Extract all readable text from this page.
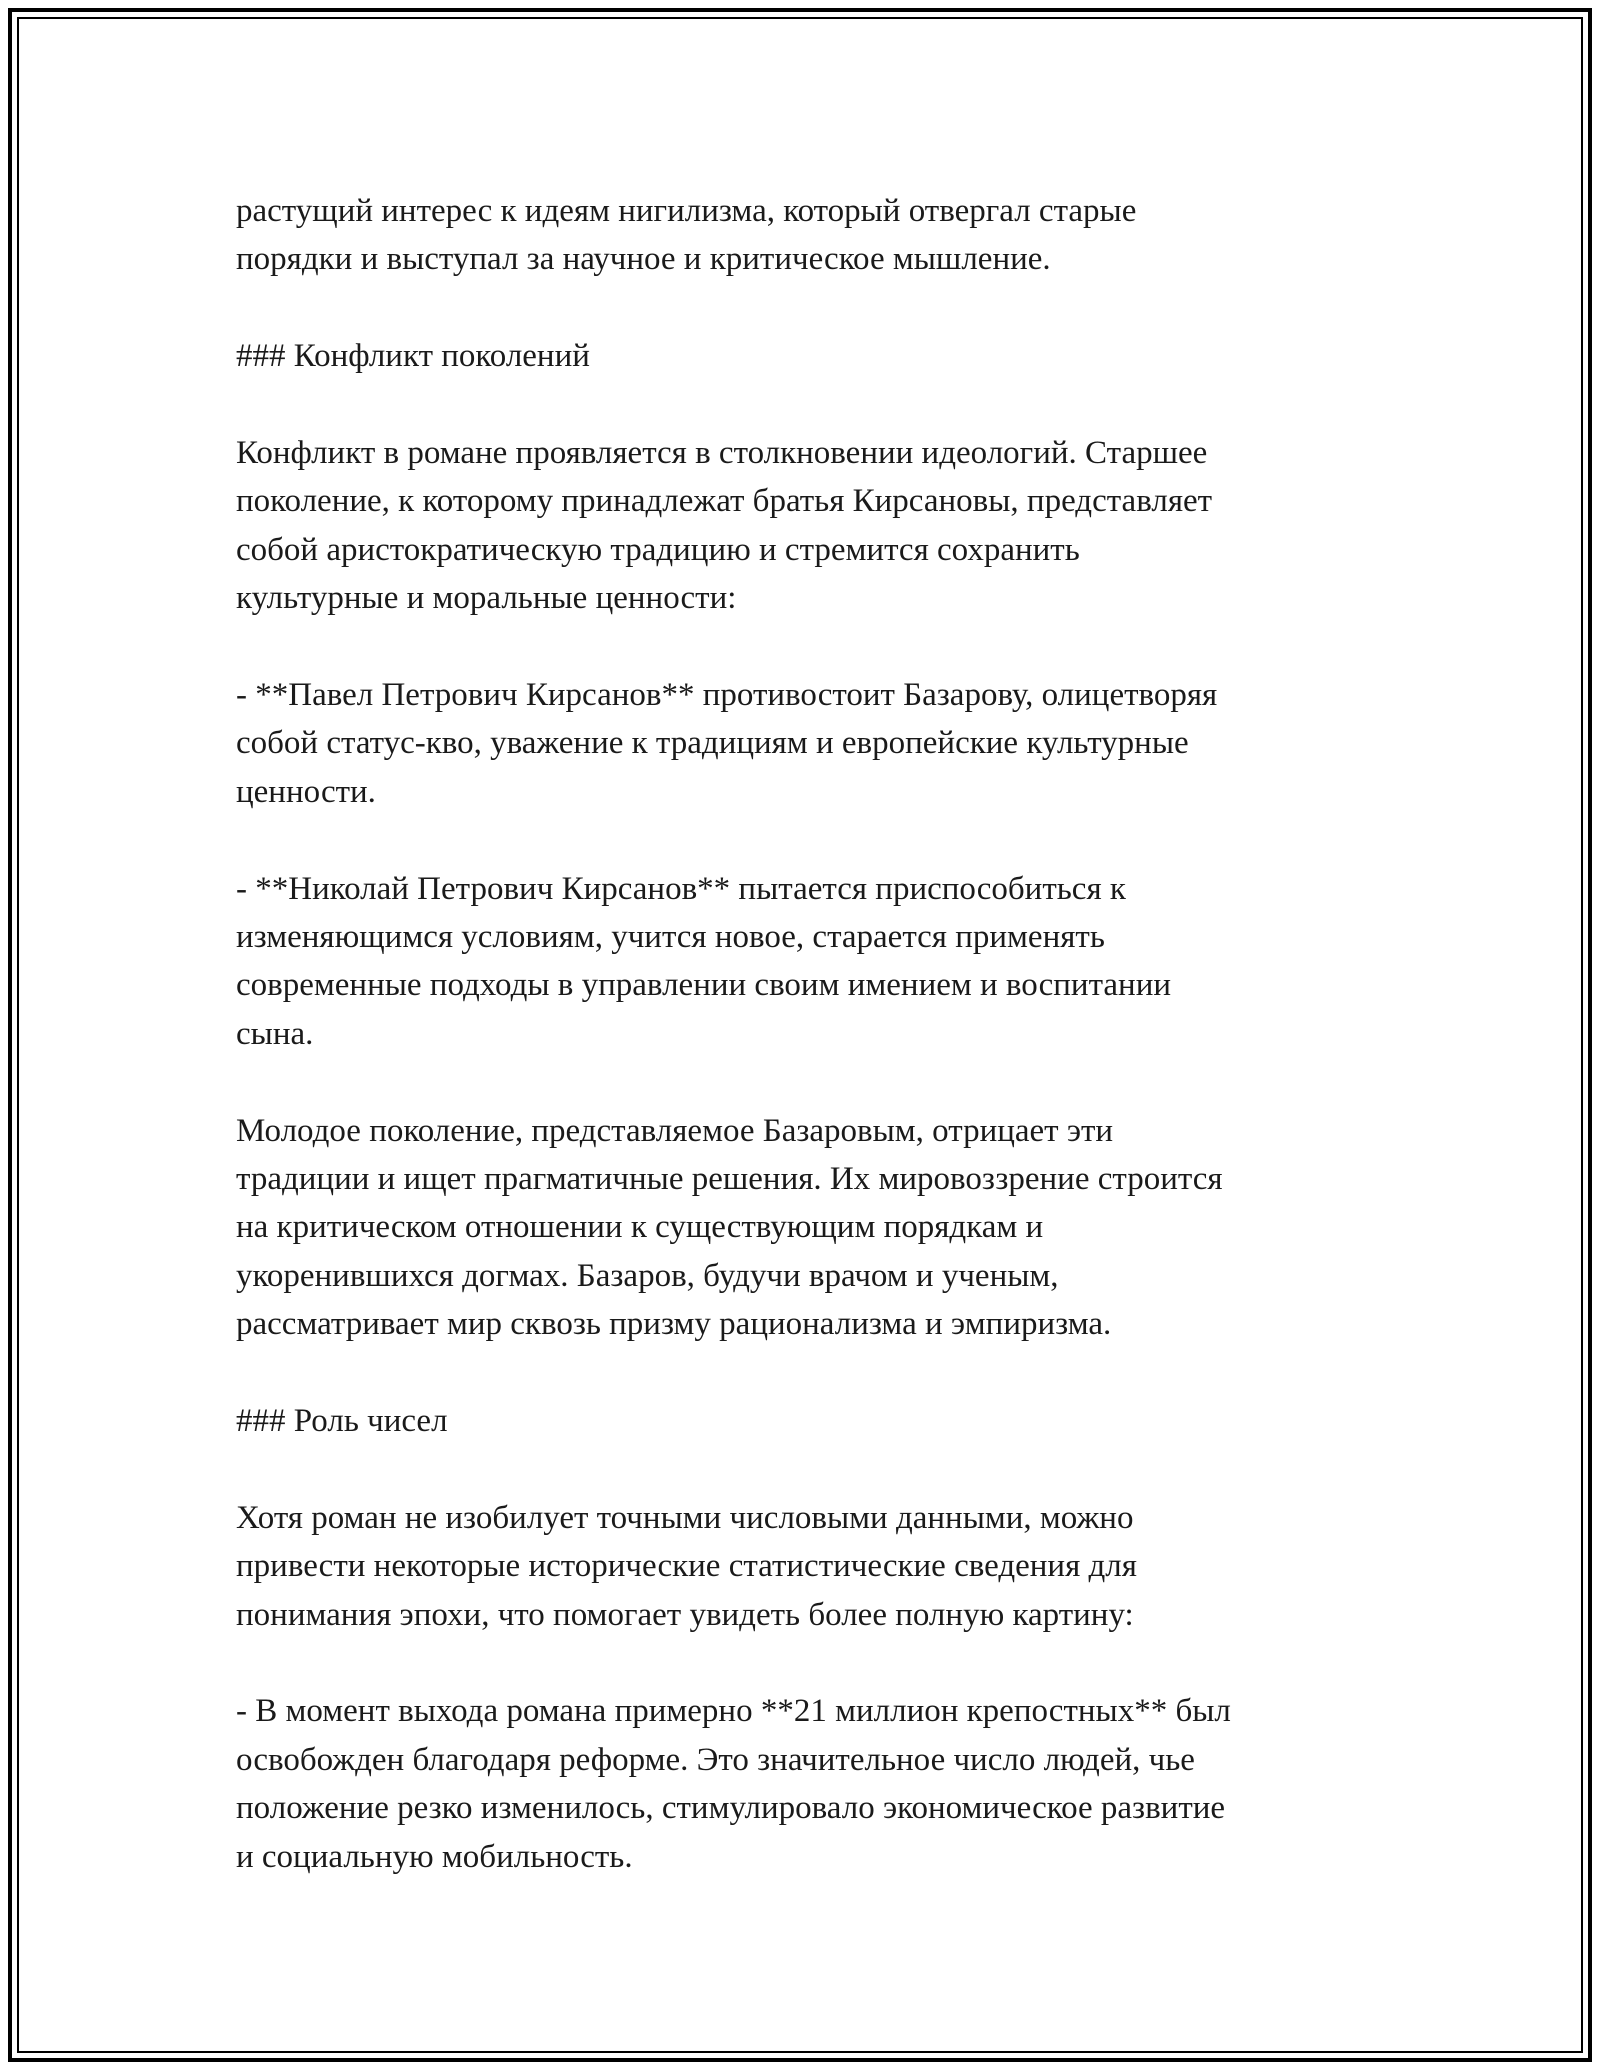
растущий интерес к идеям нигилизма, который отвергал старые
порядки и выступал за научное и критическое мышление.

### Конфликт поколений

Конфликт в романе проявляется в столкновении идеологий. Старшее
поколение, к которому принадлежат братья Кирсановы, представляет
собой аристократическую традицию и стремится сохранить
культурные и моральные ценности:

- **Павел Петрович Кирсанов** противостоит Базарову, олицетворяя
собой статус-кво, уважение к традициям и европейские культурные
ценности.

- **Николай Петрович Кирсанов** пытается приспособиться к
изменяющимся условиям, учится новое, старается применять
современные подходы в управлении своим имением и воспитании
сына.

Молодое поколение, представляемое Базаровым, отрицает эти
традиции и ищет прагматичные решения. Их мировоззрение строится
на критическом отношении к существующим порядкам и
укоренившихся догмах. Базаров, будучи врачом и ученым,
рассматривает мир сквозь призму рационализма и эмпиризма.

### Роль чисел

Хотя роман не изобилует точными числовыми данными, можно
привести некоторые исторические статистические сведения для
понимания эпохи, что помогает увидеть более полную картину:

- В момент выхода романа примерно **21 миллион крепостных** был
освобожден благодаря реформе. Это значительное число людей, чье
положение резко изменилось, стимулировало экономическое развитие
и социальную мобильность.
